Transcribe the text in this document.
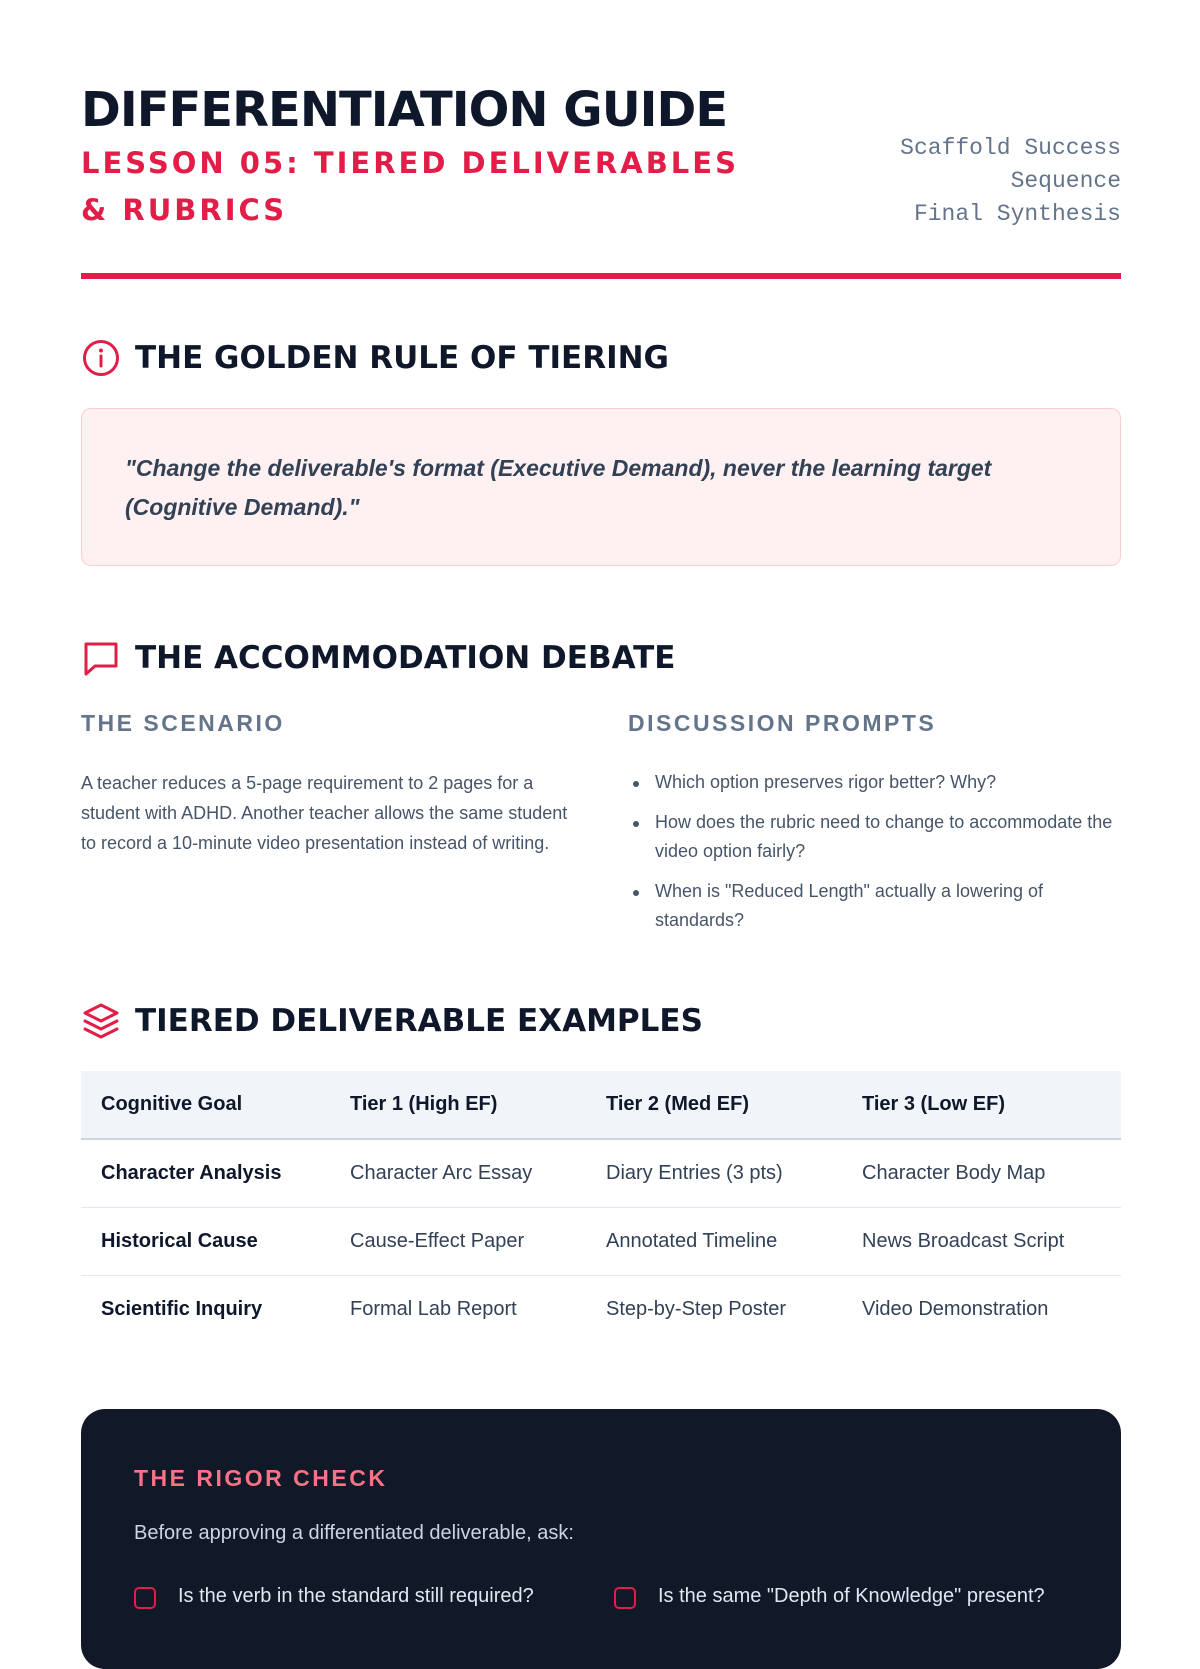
DIFFERENTIATION GUIDE
LESSON 05: TIERED DELIVERABLES & RUBRICS
Scaffold Success
Sequence
Final Synthesis
THE GOLDEN RULE OF TIERING

"Change the deliverable's format (Executive Demand), never the learning target (Cognitive Demand)."

THE ACCOMMODATION DEBATE
THE SCENARIO

A teacher reduces a 5-page requirement to 2 pages for a student with ADHD. Another teacher allows the same student to record a 10-minute video presentation instead of writing.

DISCUSSION PROMPTS
Which option preserves rigor better? Why?
How does the rubric need to change to accommodate the video option fairly?
When is "Reduced Length" actually a lowering of standards?
TIERED DELIVERABLE EXAMPLES
Cognitive Goal	Tier 1 (High EF)	Tier 2 (Med EF)	Tier 3 (Low EF)
Character Analysis	Character Arc Essay	Diary Entries (3 pts)	Character Body Map
Historical Cause	Cause-Effect Paper	Annotated Timeline	News Broadcast Script
Scientific Inquiry	Formal Lab Report	Step-by-Step Poster	Video Demonstration
THE RIGOR CHECK
Before approving a differentiated deliverable, ask:
Is the verb in the standard still required?	Is the same "Depth of Knowledge" present?
